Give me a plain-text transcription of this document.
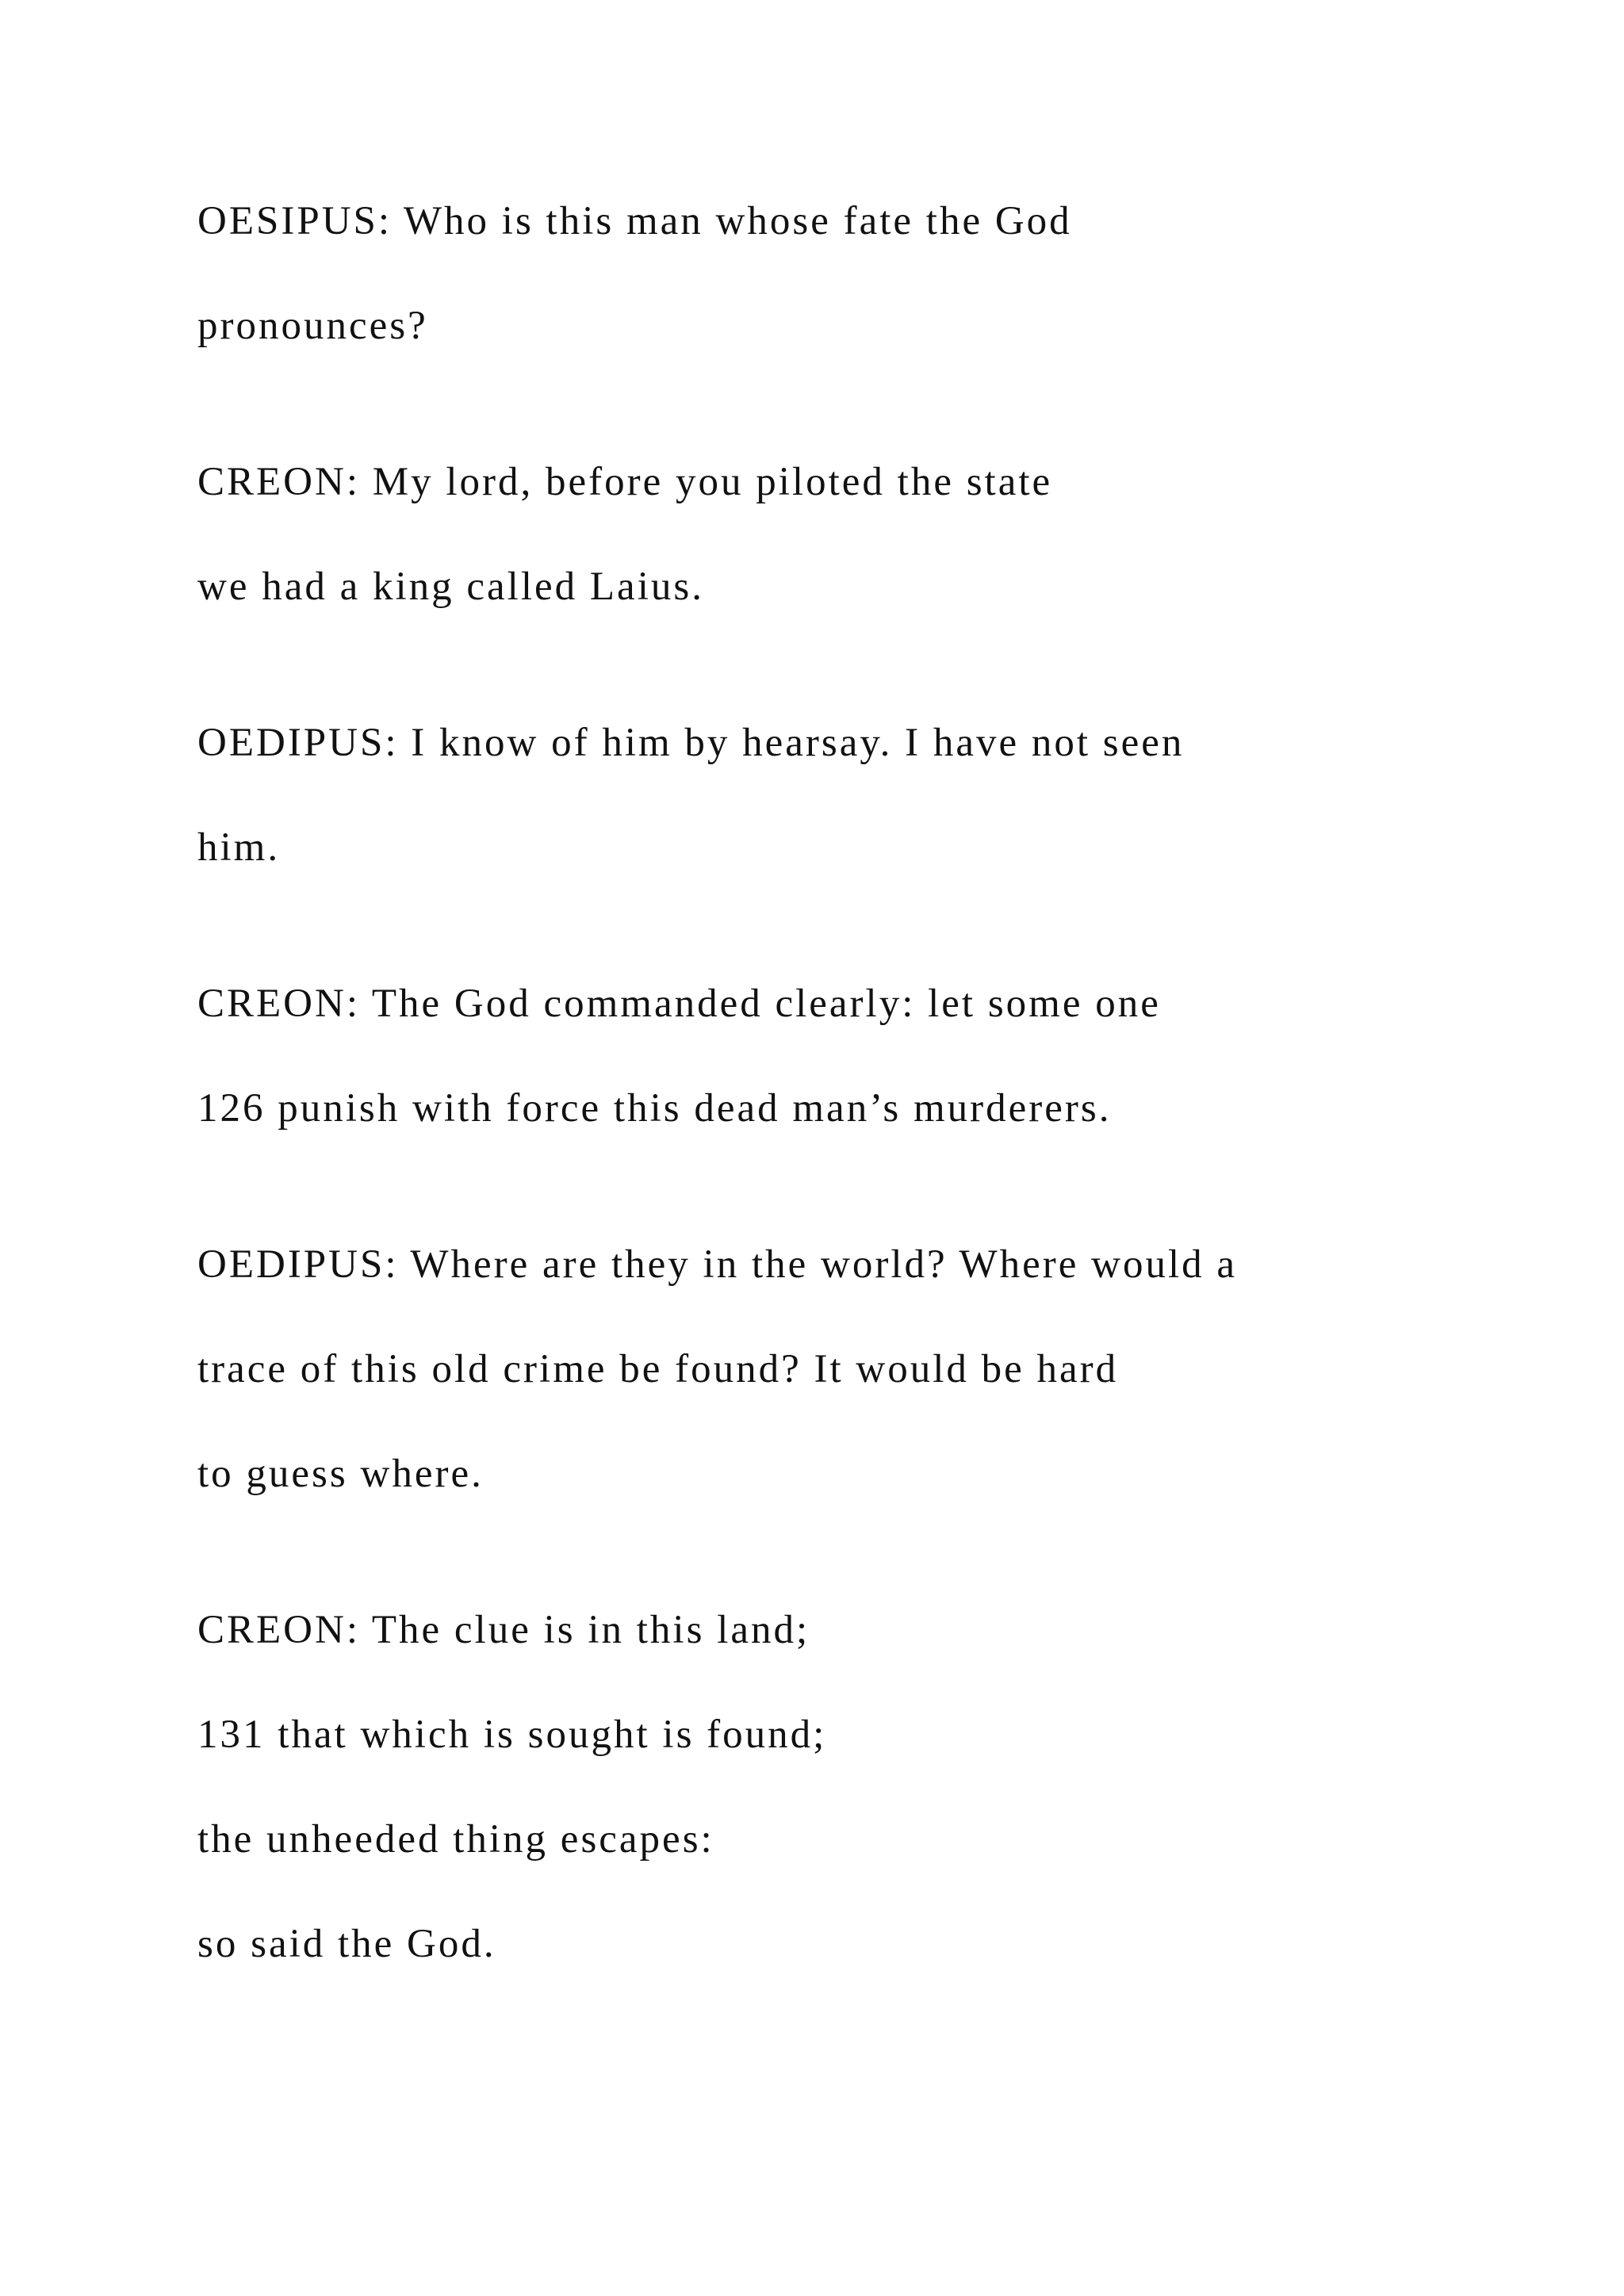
OESIPUS: Who is this man whose fate the God

pronounces?

CREON: My lord, before you piloted the state

we had a king called Laius.

OEDIPUS: I know of him by hearsay. I have not seen

him.

CREON: The God commanded clearly: let some one

126 punish with force this dead man’s murderers.

OEDIPUS: Where are they in the world? Where would a

trace of this old crime be found? It would be hard

to guess where.

CREON: The clue is in this land;

131 that which is sought is found;

the unheeded thing escapes:

so said the God.
